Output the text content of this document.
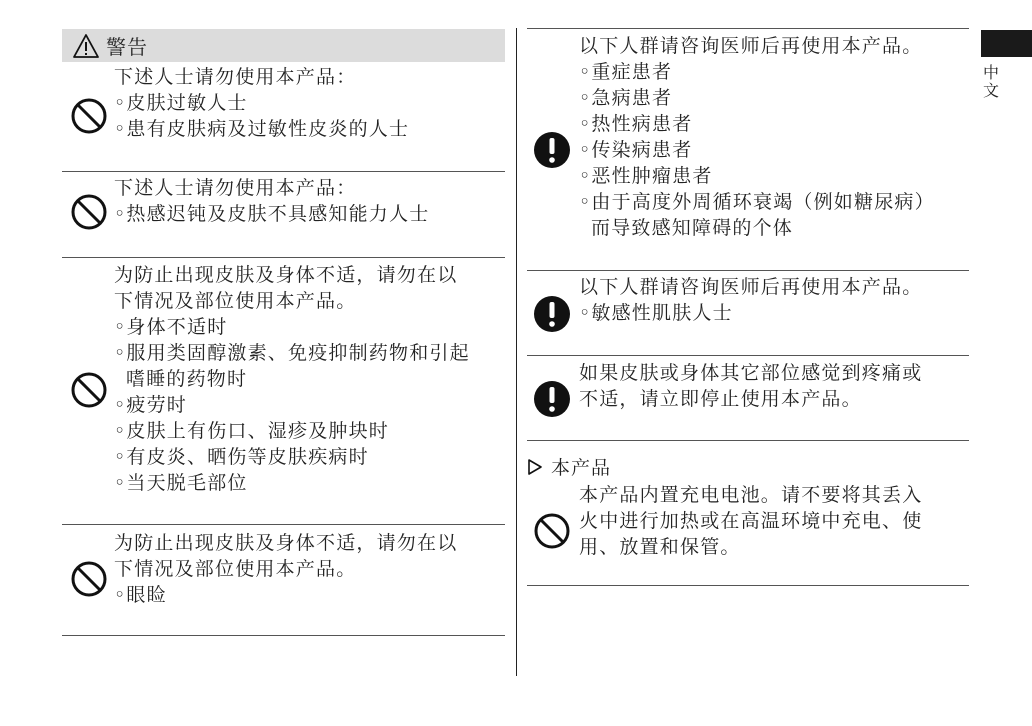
警告
中文
下述人士请勿使用本产品：
◦皮肤过敏人士
◦患有皮肤病及过敏性皮炎的人士
下述人士请勿使用本产品：
◦热感迟钝及皮肤不具感知能力人士
为防止出现皮肤及身体不适，请勿在以
下情况及部位使用本产品。
◦身体不适时
◦服用类固醇激素、免疫抑制药物和引起
嗜睡的药物时
◦疲劳时
◦皮肤上有伤口、湿疹及肿块时
◦有皮炎、晒伤等皮肤疾病时
◦当天脱毛部位
为防止出现皮肤及身体不适，请勿在以
下情况及部位使用本产品。
◦眼睑
以下人群请咨询医师后再使用本产品。
◦重症患者
◦急病患者
◦热性病患者
◦传染病患者
◦恶性肿瘤患者
◦由于高度外周循环衰竭（例如糖尿病）
而导致感知障碍的个体
以下人群请咨询医师后再使用本产品。
◦敏感性肌肤人士
如果皮肤或身体其它部位感觉到疼痛或
不适，请立即停止使用本产品。
本产品
本产品内置充电电池。请不要将其丢入
火中进行加热或在高温环境中充电、使
用、放置和保管。
